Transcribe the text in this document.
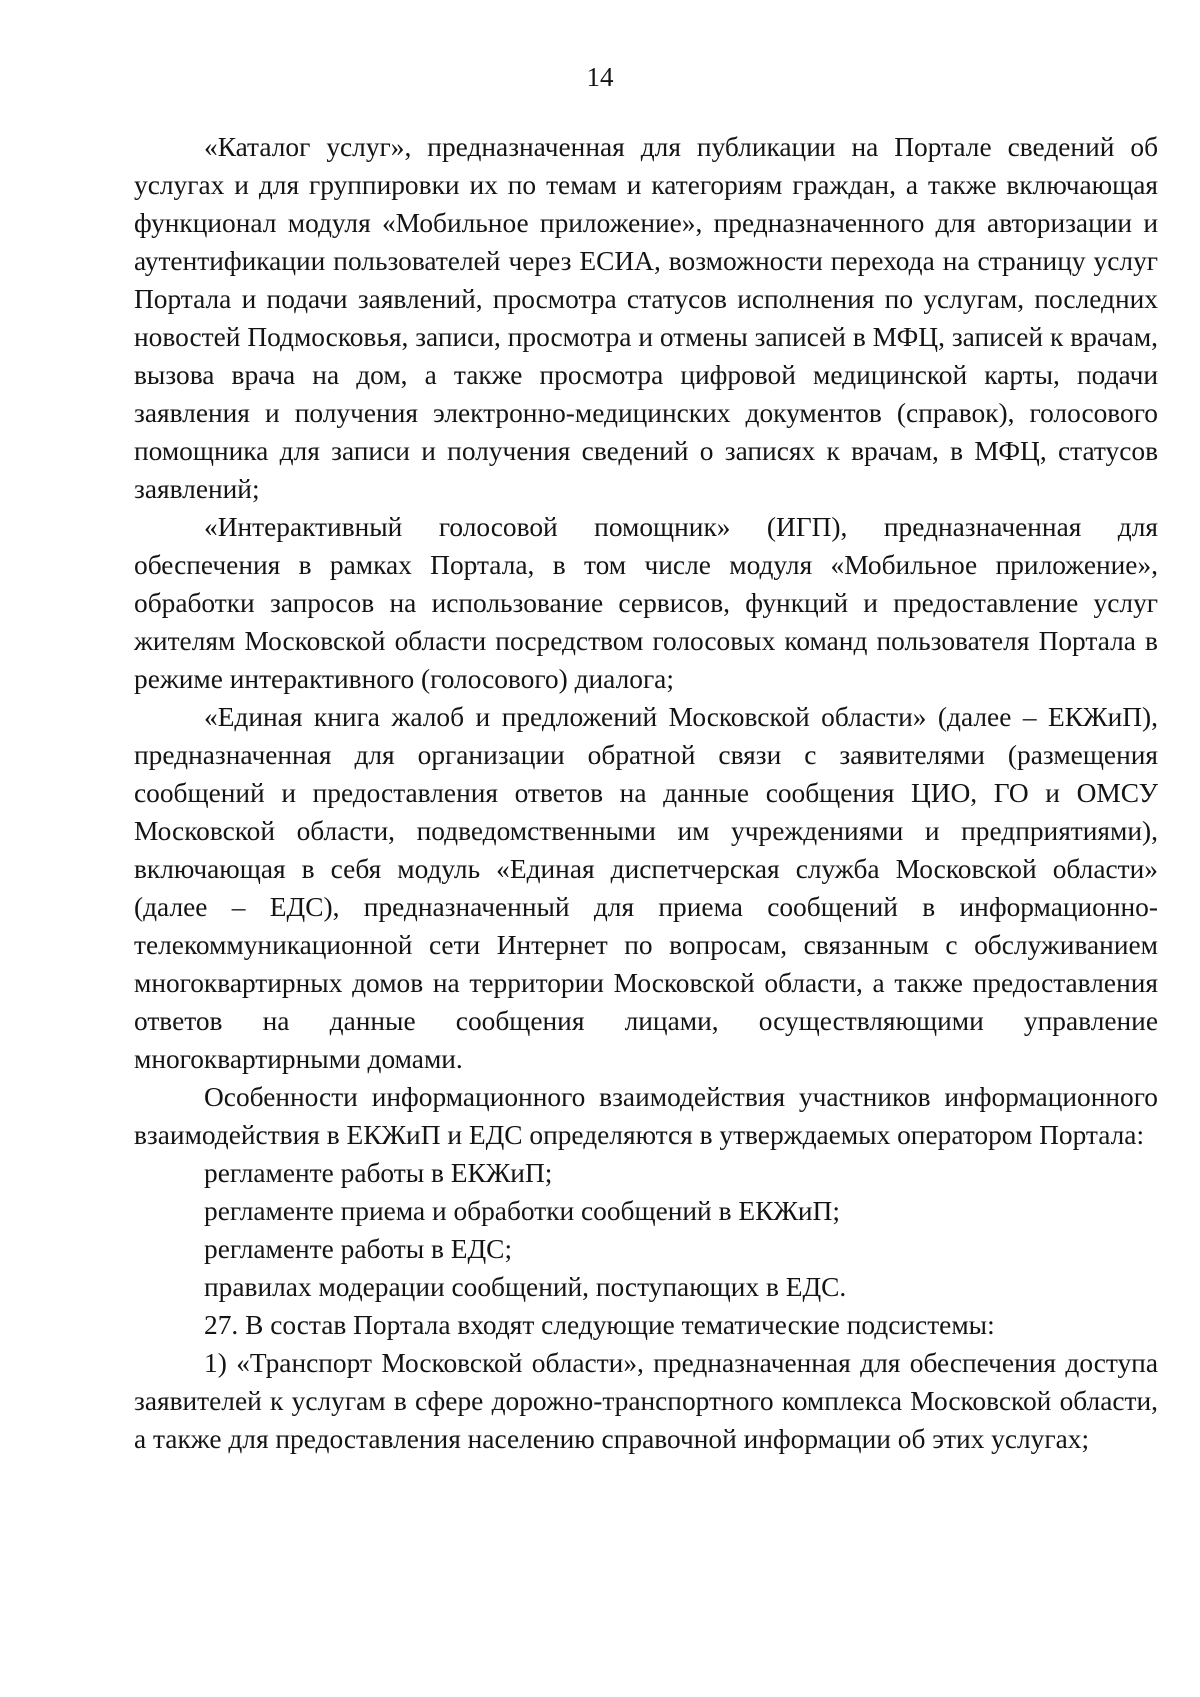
14

«Каталог услуг», предназначенная для публикации на Портале сведений об услугах и для группировки их по темам и категориям граждан, а также включающая функционал модуля «Мобильное приложение», предназначенного для авторизации и аутентификации пользователей через ЕСИА, возможности перехода на страницу услуг Портала и подачи заявлений, просмотра статусов исполнения по услугам, последних новостей Подмосковья, записи, просмотра и отмены записей в МФЦ, записей к врачам, вызова врача на дом, а также просмотра цифровой медицинской карты, подачи заявления и получения электронно-медицинских документов (справок), голосового помощника для записи и получения сведений о записях к врачам, в МФЦ, статусов заявлений;

«Интерактивный голосовой помощник» (ИГП), предназначенная для обеспечения в рамках Портала, в том числе модуля «Мобильное приложение», обработки запросов на использование сервисов, функций и предоставление услуг жителям Московской области посредством голосовых команд пользователя Портала в режиме интерактивного (голосового) диалога;

«Единая книга жалоб и предложений Московской области» (далее – ЕКЖиП), предназначенная для организации обратной связи с заявителями (размещения сообщений и предоставления ответов на данные сообщения ЦИО, ГО и ОМСУ Московской области, подведомственными им учреждениями и предприятиями), включающая в себя модуль «Единая диспетчерская служба Московской области» (далее – ЕДС), предназначенный для приема сообщений в информационно-телекоммуникационной сети Интернет по вопросам, связанным с обслуживанием многоквартирных домов на территории Московской области, а также предоставления ответов на данные сообщения лицами, осуществляющими управление многоквартирными домами.

Особенности информационного взаимодействия участников информационного взаимодействия в ЕКЖиП и ЕДС определяются в утверждаемых оператором Портала:

регламенте работы в ЕКЖиП;

регламенте приема и обработки сообщений в ЕКЖиП;

регламенте работы в ЕДС;

правилах модерации сообщений, поступающих в ЕДС.

27. В состав Портала входят следующие тематические подсистемы:

1) «Транспорт Московской области», предназначенная для обеспечения доступа заявителей к услугам в сфере дорожно-транспортного комплекса Московской области, а также для предоставления населению справочной информации об этих услугах;
